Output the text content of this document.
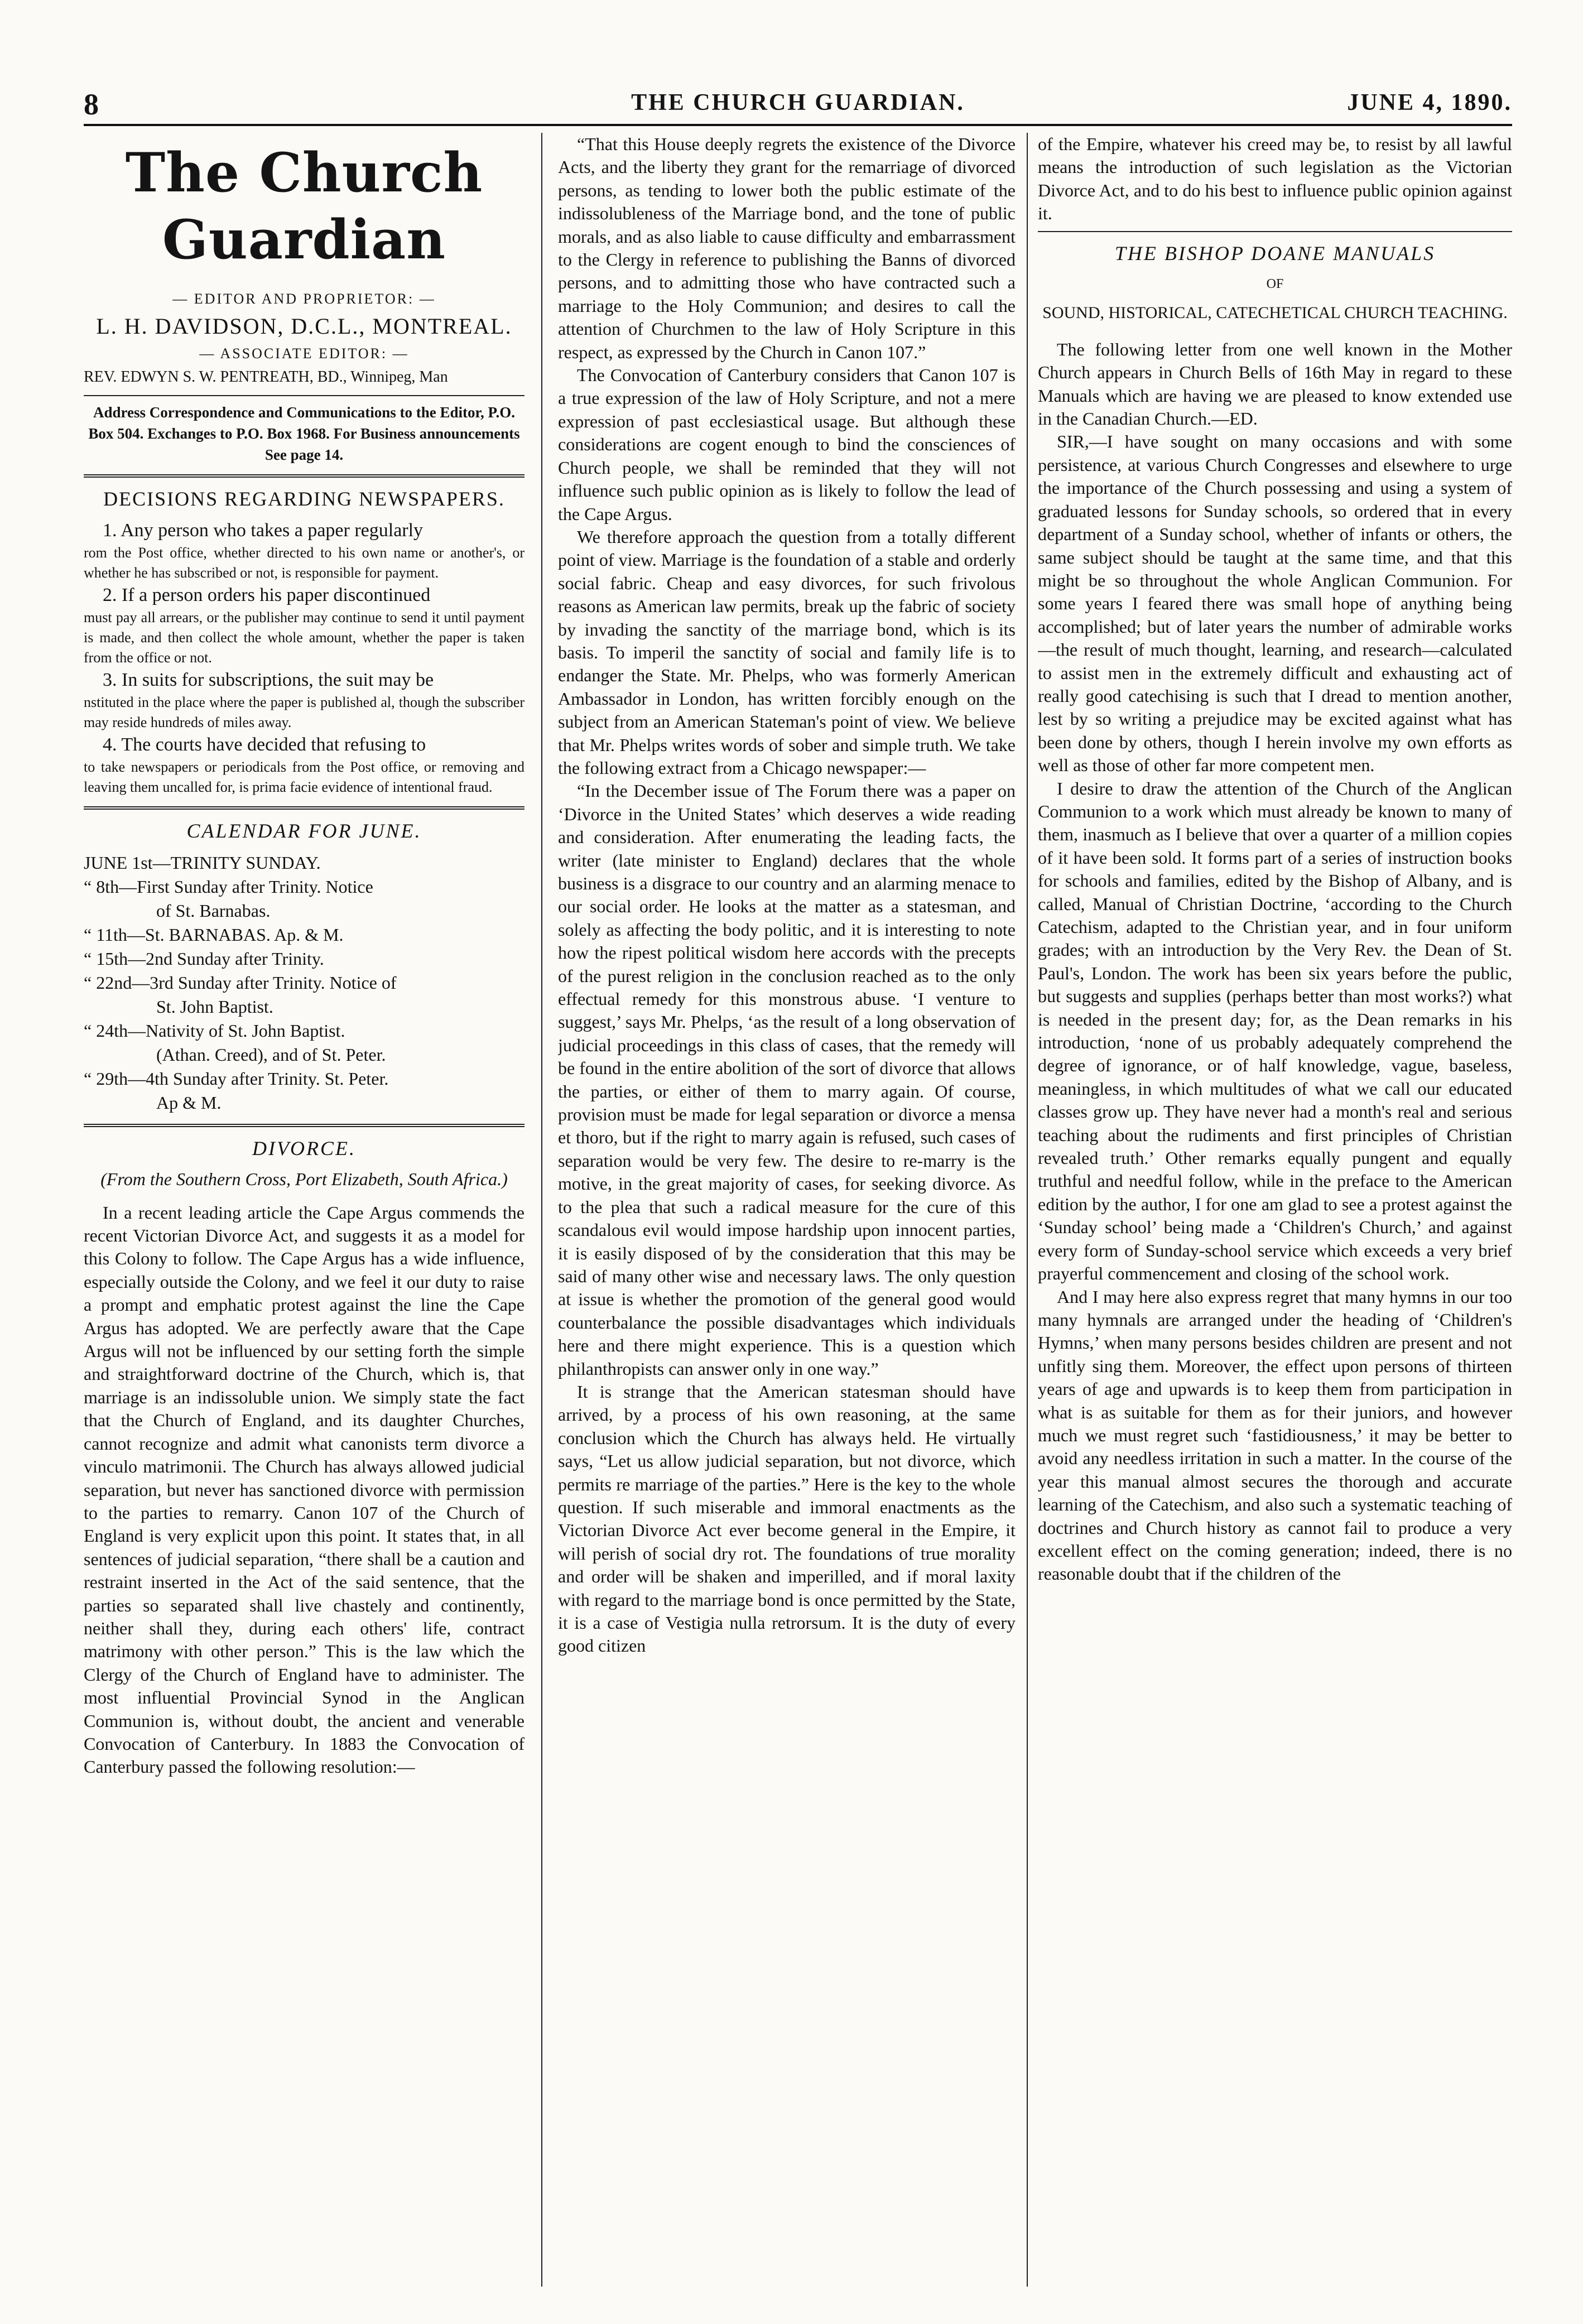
8	THE CHURCH GUARDIAN.	JUNE 4, 1890.
The Church Guardian
— EDITOR AND PROPRIETOR: —
L. H. DAVIDSON, D.C.L., MONTREAL.
— ASSOCIATE EDITOR: —
REV. EDWYN S. W. PENTREATH, BD., Winnipeg, Man
Address Correspondence and Communications to the Editor, P.O. Box 504. Exchanges to P.O. Box 1968. For Business announcements See page 14.
DECISIONS REGARDING NEWSPAPERS.

1. Any person who takes a paper regularly

rom the Post office, whether directed to his own name or another's, or whether he has subscribed or not, is responsible for payment.

2. If a person orders his paper discontinued

must pay all arrears, or the publisher may continue to send it until payment is made, and then collect the whole amount, whether the paper is taken from the office or not.

3. In suits for subscriptions, the suit may be

nstituted in the place where the paper is published al, though the subscriber may reside hundreds of miles away.

4. The courts have decided that refusing to

to take newspapers or periodicals from the Post office, or removing and leaving them uncalled for, is prima facie evidence of intentional fraud.

CALENDAR FOR JUNE.
JUNE 1st—TRINITY SUNDAY.
“ 8th—First Sunday after Trinity. Notice
of St. Barnabas.
“ 11th—St. BARNABAS. Ap. & M.
“ 15th—2nd Sunday after Trinity.
“ 22nd—3rd Sunday after Trinity. Notice of
St. John Baptist.
“ 24th—Nativity of St. John Baptist.
(Athan. Creed), and of St. Peter.
“ 29th—4th Sunday after Trinity. St. Peter.
Ap & M.
DIVORCE.

(From the Southern Cross, Port Elizabeth, South Africa.)

In a recent leading article the Cape Argus commends the recent Victorian Divorce Act, and suggests it as a model for this Colony to follow. The Cape Argus has a wide influence, especially outside the Colony, and we feel it our duty to raise a prompt and emphatic protest against the line the Cape Argus has adopted. We are perfectly aware that the Cape Argus will not be influenced by our setting forth the simple and straightforward doctrine of the Church, which is, that marriage is an indissoluble union. We simply state the fact that the Church of England, and its daughter Churches, cannot recognize and admit what canonists term divorce a vinculo matrimonii. The Church has always allowed judicial separation, but never has sanctioned divorce with permission to the parties to remarry. Canon 107 of the Church of England is very explicit upon this point. It states that, in all sentences of judicial separation, “there shall be a caution and restraint inserted in the Act of the said sentence, that the parties so separated shall live chastely and continently, neither shall they, during each others' life, contract matrimony with other person.” This is the law which the Clergy of the Church of England have to administer. The most influential Provincial Synod in the Anglican Communion is, without doubt, the ancient and venerable Convocation of Canterbury. In 1883 the Convocation of Canterbury passed the following resolution:—

“That this House deeply regrets the existence of the Divorce Acts, and the liberty they grant for the remarriage of divorced persons, as tending to lower both the public estimate of the indissolubleness of the Marriage bond, and the tone of public morals, and as also liable to cause difficulty and embarrassment to the Clergy in reference to publishing the Banns of divorced persons, and to admitting those who have contracted such a marriage to the Holy Communion; and desires to call the attention of Churchmen to the law of Holy Scripture in this respect, as expressed by the Church in Canon 107.”

The Convocation of Canterbury considers that Canon 107 is a true expression of the law of Holy Scripture, and not a mere expression of past ecclesiastical usage. But although these considerations are cogent enough to bind the consciences of Church people, we shall be reminded that they will not influence such public opinion as is likely to follow the lead of the Cape Argus.

We therefore approach the question from a totally different point of view. Marriage is the foundation of a stable and orderly social fabric. Cheap and easy divorces, for such frivolous reasons as American law permits, break up the fabric of society by invading the sanctity of the marriage bond, which is its basis. To imperil the sanctity of social and family life is to endanger the State. Mr. Phelps, who was formerly American Ambassador in London, has written forcibly enough on the subject from an American Stateman's point of view. We believe that Mr. Phelps writes words of sober and simple truth. We take the following extract from a Chicago newspaper:—

“In the December issue of The Forum there was a paper on ‘Divorce in the United States’ which deserves a wide reading and consideration. After enumerating the leading facts, the writer (late minister to England) declares that the whole business is a disgrace to our country and an alarming menace to our social order. He looks at the matter as a statesman, and solely as affecting the body politic, and it is interesting to note how the ripest political wisdom here accords with the precepts of the purest religion in the conclusion reached as to the only effectual remedy for this monstrous abuse. ‘I venture to suggest,’ says Mr. Phelps, ‘as the result of a long observation of judicial proceedings in this class of cases, that the remedy will be found in the entire abolition of the sort of divorce that allows the parties, or either of them to marry again. Of course, provision must be made for legal separation or divorce a mensa et thoro, but if the right to marry again is refused, such cases of separation would be very few. The desire to re-marry is the motive, in the great majority of cases, for seeking divorce. As to the plea that such a radical measure for the cure of this scandalous evil would impose hardship upon innocent parties, it is easily disposed of by the consideration that this may be said of many other wise and necessary laws. The only question at issue is whether the promotion of the general good would counterbalance the possible disadvantages which individuals here and there might experience. This is a question which philanthropists can answer only in one way.”

It is strange that the American statesman should have arrived, by a process of his own reasoning, at the same conclusion which the Church has always held. He virtually says, “Let us allow judicial separation, but not divorce, which permits re marriage of the parties.” Here is the key to the whole question. If such miserable and immoral enactments as the Victorian Divorce Act ever become general in the Empire, it will perish of social dry rot. The foundations of true morality and order will be shaken and imperilled, and if moral laxity with regard to the marriage bond is once permitted by the State, it is a case of Vestigia nulla retrorsum. It is the duty of every good citizen

of the Empire, whatever his creed may be, to resist by all lawful means the introduction of such legislation as the Victorian Divorce Act, and to do his best to influence public opinion against it.

THE BISHOP DOANE MANUALS
OF
SOUND, HISTORICAL, CATECHETICAL CHURCH TEACHING.

The following letter from one well known in the Mother Church appears in Church Bells of 16th May in regard to these Manuals which are having we are pleased to know extended use in the Canadian Church.—ED.

SIR,—I have sought on many occasions and with some persistence, at various Church Congresses and elsewhere to urge the importance of the Church possessing and using a system of graduated lessons for Sunday schools, so ordered that in every department of a Sunday school, whether of infants or others, the same subject should be taught at the same time, and that this might be so throughout the whole Anglican Communion. For some years I feared there was small hope of anything being accomplished; but of later years the number of admirable works—the result of much thought, learning, and research—calculated to assist men in the extremely difficult and exhausting act of really good catechising is such that I dread to mention another, lest by so writing a prejudice may be excited against what has been done by others, though I herein involve my own efforts as well as those of other far more competent men.

I desire to draw the attention of the Church of the Anglican Communion to a work which must already be known to many of them, inasmuch as I believe that over a quarter of a million copies of it have been sold. It forms part of a series of instruction books for schools and families, edited by the Bishop of Albany, and is called, Manual of Christian Doctrine, ‘according to the Church Catechism, adapted to the Christian year, and in four uniform grades; with an introduction by the Very Rev. the Dean of St. Paul's, London. The work has been six years before the public, but suggests and supplies (perhaps better than most works?) what is needed in the present day; for, as the Dean remarks in his introduction, ‘none of us probably adequately comprehend the degree of ignorance, or of half knowledge, vague, baseless, meaningless, in which multitudes of what we call our educated classes grow up. They have never had a month's real and serious teaching about the rudiments and first principles of Christian revealed truth.’ Other remarks equally pungent and equally truthful and needful follow, while in the preface to the American edition by the author, I for one am glad to see a protest against the ‘Sunday school’ being made a ‘Children's Church,’ and against every form of Sunday-school service which exceeds a very brief prayerful commencement and closing of the school work.

And I may here also express regret that many hymns in our too many hymnals are arranged under the heading of ‘Children's Hymns,’ when many persons besides children are present and not unfitly sing them. Moreover, the effect upon persons of thirteen years of age and upwards is to keep them from participation in what is as suitable for them as for their juniors, and however much we must regret such ‘fastidiousness,’ it may be better to avoid any needless irritation in such a matter. In the course of the year this manual almost secures the thorough and accurate learning of the Catechism, and also such a systematic teaching of doctrines and Church history as cannot fail to produce a very excellent effect on the coming generation; indeed, there is no reasonable doubt that if the children of the
